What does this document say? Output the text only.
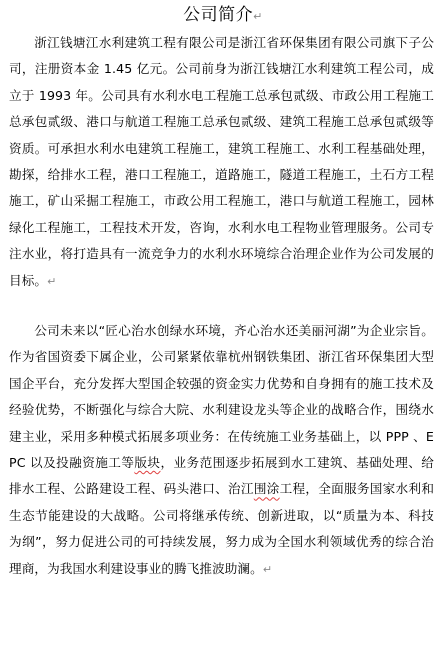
公司简介↵
浙江钱塘江水利建筑工程有限公司是浙江省环保集团有限公司旗下子公司，注册资本金 1.45 亿元。公司前身为浙江钱塘江水利建筑工程公司，成立于 1993 年。公司具有水利水电工程施工总承包贰级、市政公用工程施工总承包贰级、港口与航道工程施工总承包贰级、建筑工程施工总承包贰级等资质。可承担水利水电建筑工程施工，建筑工程施工、水利工程基础处理，勘探，给排水工程，港口工程施工，道路施工，隧道工程施工，土石方工程施工，矿山采掘工程施工，市政公用工程施工，港口与航道工程施工，园林绿化工程施工，工程技术开发，咨询，水利水电工程物业管理服务。公司专注水业，将打造具有一流竞争力的水利水环境综合治理企业作为公司发展的目标。↵
公司未来以“匠心治水创绿水环境，齐心治水还美丽河湖”为企业宗旨。作为省国资委下属企业，公司紧紧依靠杭州钢铁集团、浙江省环保集团大型国企平台，充分发挥大型国企较强的资金实力优势和自身拥有的施工技术及经验优势，不断强化与综合大院、水利建设龙头等企业的战略合作，围绕水建主业，采用多种模式拓展多项业务：在传统施工业务基础上，以 PPP 、EPC 以及投融资施工等版块，业务范围逐步拓展到水工建筑、基础处理、给排水工程、公路建设工程、码头港口、治江围涂工程，全面服务国家水利和生态节能建设的大战略。公司将继承传统、创新进取，以“质量为本、科技为纲”，努力促进公司的可持续发展，努力成为全国水利领域优秀的综合治理商，为我国水利建设事业的腾飞推波助澜。↵
